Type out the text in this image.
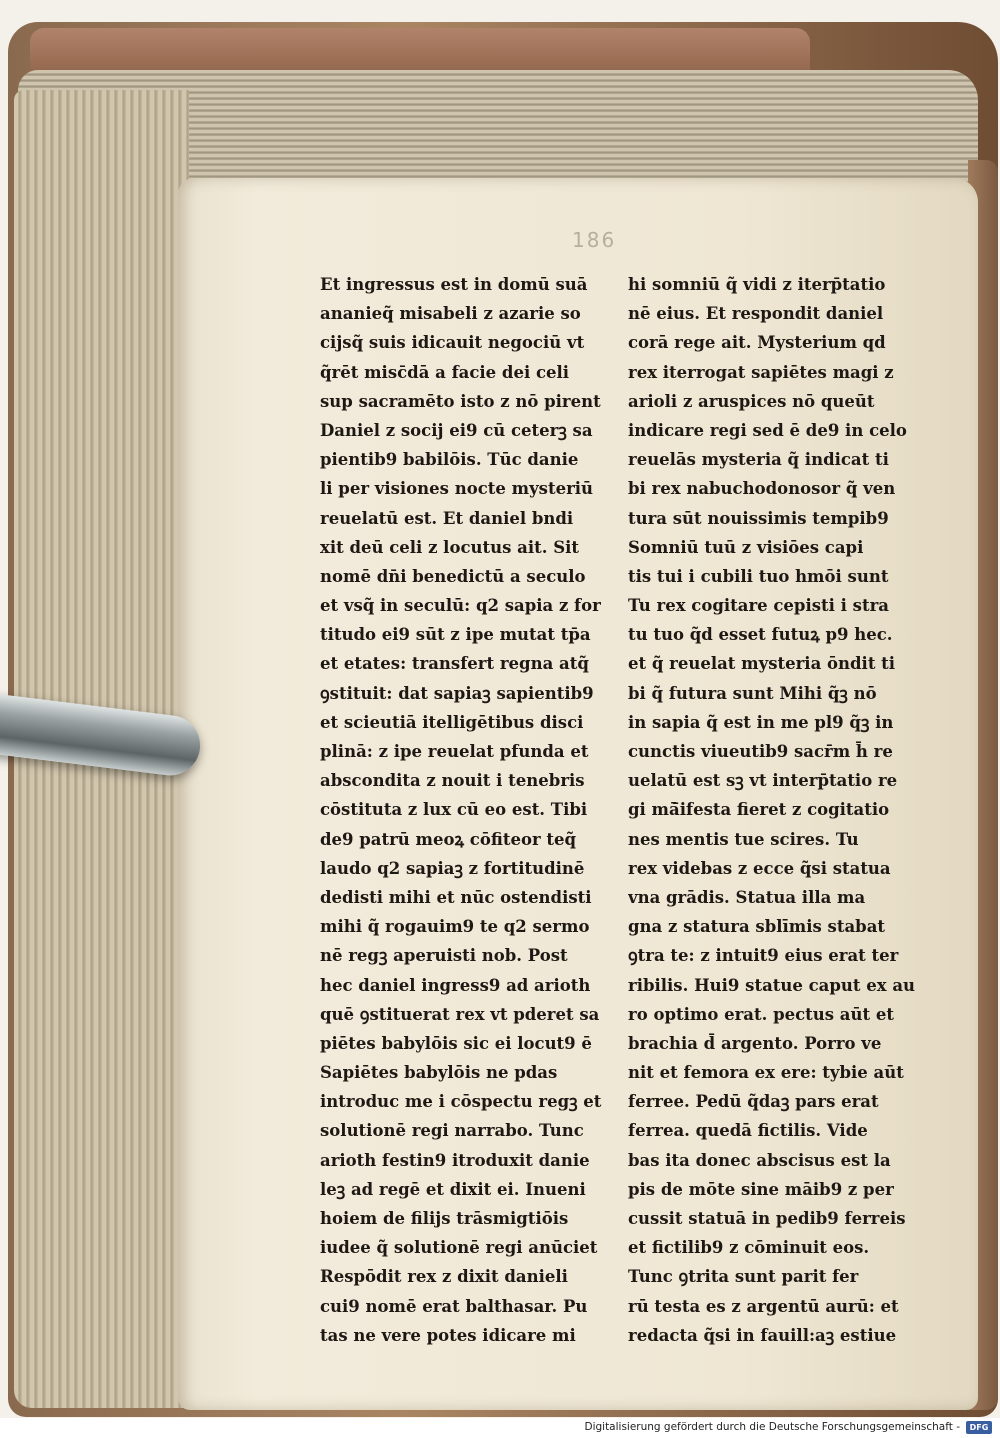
186
Et ingressus est in domū suā
ananieq̃ misabeli z azarie so
cijsq̃ suis idicauit negociū vt
q̃rēt misc̄dā a facie dei celi
sup sacramēto isto z nō pirent
Daniel z socij ei9 cū ceterꝫ sa
pientib9 babilōis. Tūc danie
li per visiones nocte mysteriū
reuelatū est. Et daniel bndi
xit deū celi z locutus ait. Sit
nomē dn̄i benedictū a seculo
et vsq̃ in seculū: q2 sapia z for
titudo ei9 sūt z ipe mutat tp̄a
et etates: transfert regna atq̃
ꝯstituit: dat sapiaꝫ sapientib9
et scieutiā itelligētibus disci
plinā: z ipe reuelat pfunda et
abscondita z nouit i tenebris
cōstituta z lux cū eo est. Tibi
de9 patrū meoꝝ cōfiteor teq̃
laudo q2 sapiaꝫ z fortitudinē
dedisti mihi et nūc ostendisti
mihi q̃ rogauim9 te q2 sermo
nē regꝫ aperuisti nob. Post
hec daniel ingress9 ad arioth
quē ꝯstituerat rex vt pderet sa
piētes babylōis sic ei locut9 ē
Sapiētes babylōis ne pdas
introduc me i cōspectu regꝫ et
solutionē regi narrabo. Tunc
arioth festin9 itroduxit danie
leꝫ ad regē et dixit ei. Inueni
hoiem de filijs trāsmigtiōis
iudee q̃ solutionē regi anūciet
Respōdit rex z dixit danieli
cui9 nomē erat balthasar. Pu
tas ne vere potes idicare mi
hi somniū q̃ vidi z iterp̄tatio
nē eius. Et respondit daniel
corā rege ait. Mysterium qd
rex iterrogat sapiētes magi z
arioli z aruspices nō queūt
indicare regi sed ē de9 in celo
reuelās mysteria q̃ indicat ti
bi rex nabuchodonosor q̃ ven
tura sūt nouissimis tempib9
Somniū tuū z visiōes capi
tis tui i cubili tuo hmōi sunt
Tu rex cogitare cepisti i stra
tu tuo q̃d esset futuꝝ p9 hec.
et q̃ reuelat mysteria ōndit ti
bi q̃ futura sunt Mihi q̃ꝫ nō
in sapia q̃ est in me pl9 q̃ꝫ in
cunctis viueutib9 sacr̄m h̄ re
uelatū est sꝫ vt interp̄tatio re
gi mā̄ifesta fieret z cogitatio
nes mentis tue scires. Tu
rex videbas z ecce q̃si statua
vna grādis. Statua illa ma
gna z statura sblīmis stabat
ꝯtra te: z intuit9 eius erat ter
ribilis. Hui9 statue caput ex au
ro optimo erat. pectus aūt et
brachia d̄ argento. Porro ve
nit et femora ex ere: tybie aūt
ferree. Pedū q̃daꝫ pars erat
ferrea. quedā fictilis. Vide
bas ita donec abscisus est la
pis de mōte sine māib9 z per
cussit statuā in pedib9 ferreis
et fictilib9 z cōminuit eos.
Tunc ꝯtrita sunt parit fer
rū testa es z argentū aurū: et
redacta q̃si in fauill:aꝫ estiue
Digitalisierung gefördert durch die Deutsche Forschungsgemeinschaft -	DFG
